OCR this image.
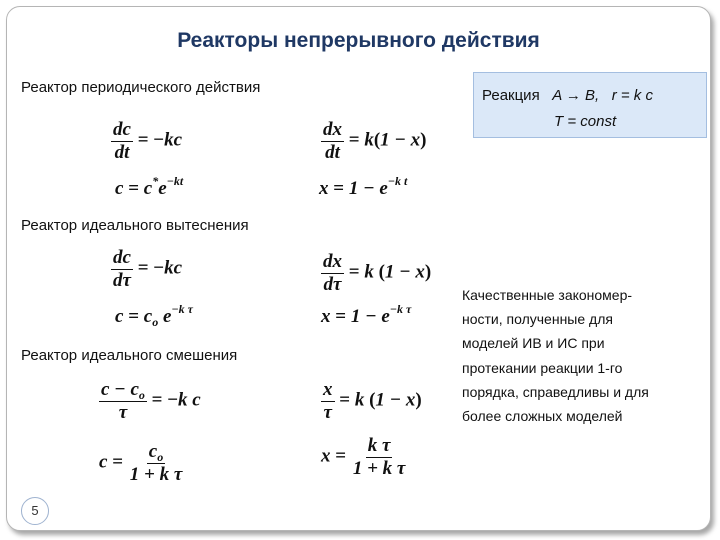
Реакторы непрерывного действия
Реактор периодического действия
$\frac{dc}{dt} = -kc$
$c = c^*e^{-kt}$
$\frac{dx}{dt} = k(1 - x)$
$x = 1 - e^{-k t}$
Реактор идеального вытеснения
$\frac{dc}{d\tau} = -kc$
$c = c_o$ $e^{-k \tau}$
$\frac{dx}{d\tau} = k$ (1 − x)
$x = 1 - e^{-k \tau}$
Реактор идеального смешения
$\frac{c - c_o}{\tau} = -k$ c
$c = \frac{c_o}{\text{1 + k τ}}$
$\frac{x}{\tau} = k$ (1 − x)
$x = \frac{\text{k τ}}{\text{1 + k τ}}$
Реакция A → B, r = k c
T = const
Качественные закономер-
ности, полученные для
моделей ИВ и ИС при
протекании реакции 1-го
порядка, справедливы и для
более сложных моделей
5
